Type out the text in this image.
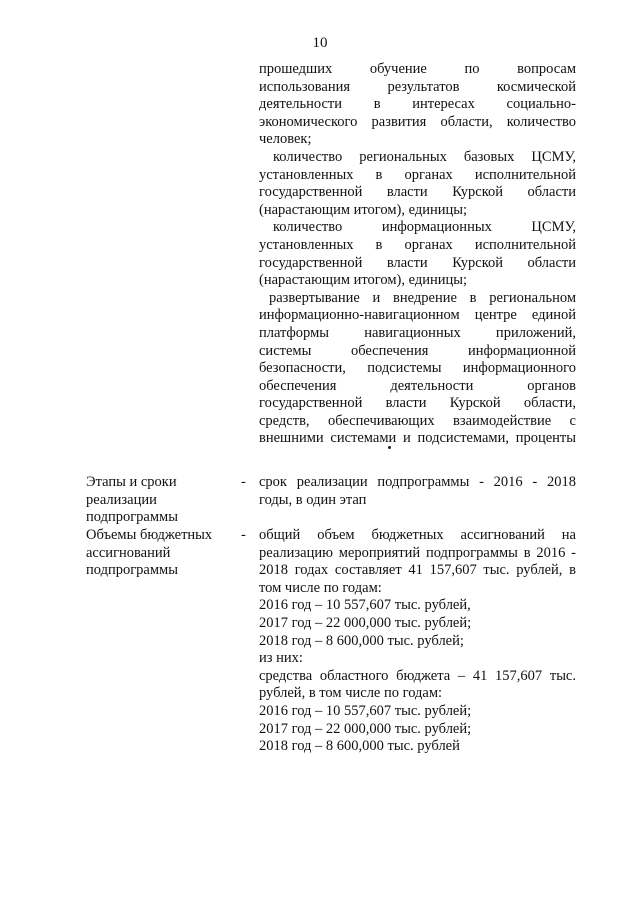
10
прошедших обучение по вопросам
использования результатов космической
деятельности в интересах социально-
экономического развития области, количество
человек;
количество региональных базовых ЦСМУ,
установленных в органах исполнительной
государственной власти Курской области
(нарастающим итогом), единицы;
количество информационных ЦСМУ,
установленных в органах исполнительной
государственной власти Курской области
(нарастающим итогом), единицы;
развертывание и внедрение в региональном
информационно-навигационном центре единой
платформы навигационных приложений,
системы обеспечения информационной
безопасности, подсистемы информационного
обеспечения деятельности органов
государственной власти Курской области,
средств, обеспечивающих взаимодействие с
внешними системами и подсистемами, проценты
Этапы и сроки
реализации
подпрограммы
- срок реализации подпрограммы - 2016 - 2018
годы, в один этап
Объемы бюджетных
ассигнований
подпрограммы
- общий объем бюджетных ассигнований на
реализацию мероприятий подпрограммы в 2016 -
2018 годах составляет 41 157,607 тыс. рублей, в
том числе по годам:
2016 год – 10 557,607 тыс. рублей,
2017 год – 22 000,000 тыс. рублей;
2018 год – 8 600,000 тыс. рублей;
из них:
средства областного бюджета – 41 157,607 тыс.
рублей, в том числе по годам:
2016 год – 10 557,607 тыс. рублей;
2017 год – 22 000,000 тыс. рублей;
2018 год – 8 600,000 тыс. рублей
